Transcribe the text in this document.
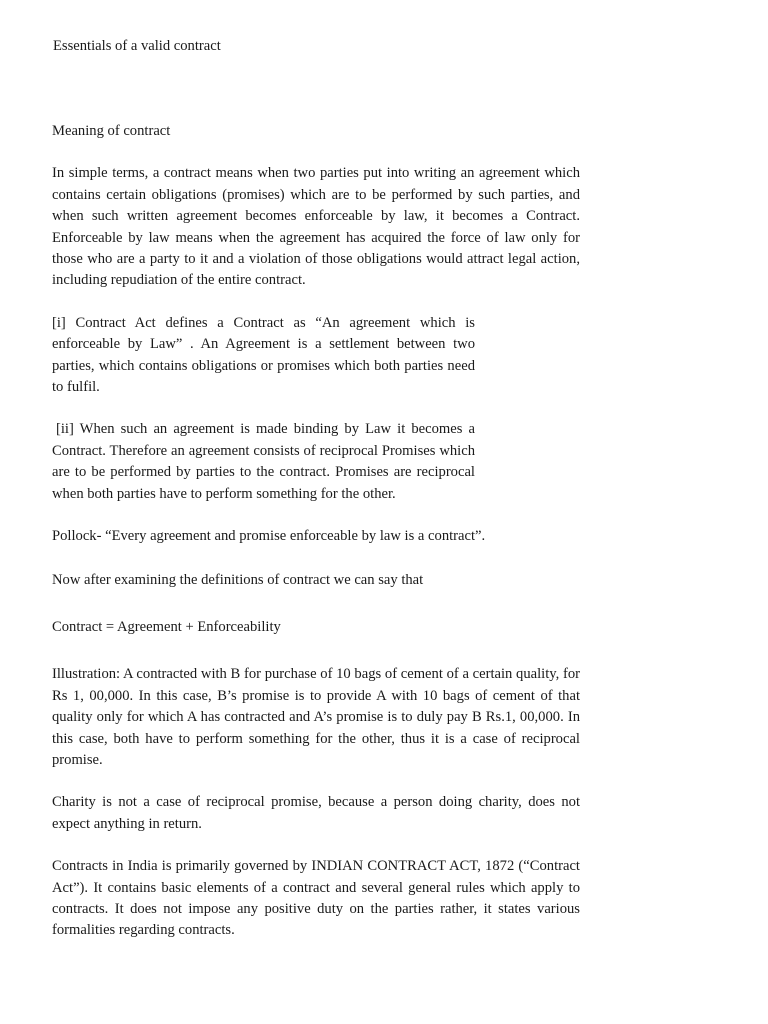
Essentials of a valid contract

Meaning of contract

In simple terms, a contract means when two parties put into writing an agreement which contains certain obligations (promises) which are to be performed by such parties, and when such written agreement becomes enforceable by law, it becomes a Contract. Enforceable by law means when the agreement has acquired the force of law only for those who are a party to it and a violation of those obligations would attract legal action, including repudiation of the entire contract.

[i] Contract Act defines a Contract as “An agreement which is enforceable by Law” . An Agreement is a settlement between two parties, which contains obligations or promises which both parties need to fulfil.

[ii] When such an agreement is made binding by Law it becomes a Contract. Therefore an agreement consists of reciprocal Promises which are to be performed by parties to the contract. Promises are reciprocal when both parties have to perform something for the other.

Pollock- “Every agreement and promise enforceable by law is a contract”.

Now after examining the definitions of contract we can say that

Contract = Agreement + Enforceability

Illustration: A contracted with B for purchase of 10 bags of cement of a certain quality, for Rs 1, 00,000. In this case, B’s promise is to provide A with 10 bags of cement of that quality only for which A has contracted and A’s promise is to duly pay B Rs.1, 00,000. In this case, both have to perform something for the other, thus it is a case of reciprocal promise.

Charity is not a case of reciprocal promise, because a person doing charity, does not expect anything in return.

Contracts in India is primarily governed by INDIAN CONTRACT ACT, 1872 (“Contract Act”). It contains basic elements of a contract and several general rules which apply to contracts. It does not impose any positive duty on the parties rather, it states various formalities regarding contracts.
